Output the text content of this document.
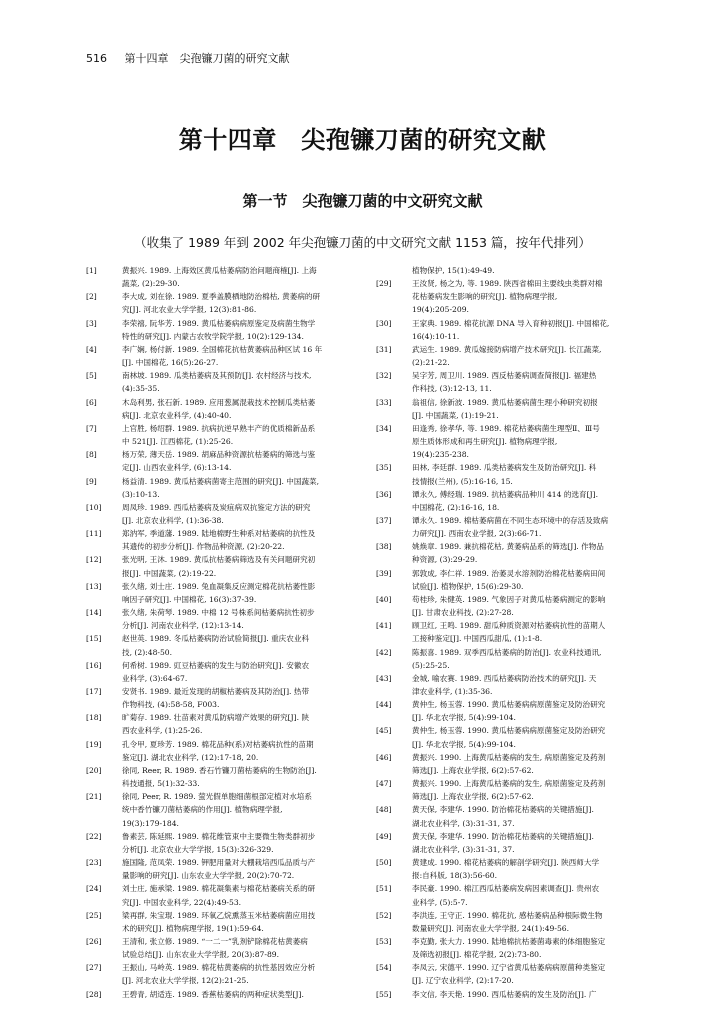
516 第十四章　尖孢镰刀菌的研究文献
第十四章　尖孢镰刀菌的研究文献
第一节　尖孢镰刀菌的中文研究文献
（收集了 1989 年到 2002 年尖孢镰刀菌的中文研究文献 1153 篇，按年代排列）
[1]	黄振兴. 1989. 上海效区黄瓜枯萎病防治问题商榷[J]. 上海
蔬菜, (2):29-30.
[2]	李大成, 刘在徐. 1989. 夏季盖膜栖地防治棉枯, 黄萎病的研
究[J]. 河北农业大学学报, 12(3):81-86.
[3]	李荣禧, 阮华芳. 1989. 黄瓜枯萎病病原鉴定及病菌生物学
特性的研究[J]. 内蒙古农牧学院学报, 10(2):129-134.
[4]	李广娴, 杨付新. 1989. 全国棉花抗枯黄萎病品种区试 16 年
[J]. 中国棉花, 16(5):26-27.
[5]	南林坡. 1989. 瓜类枯萎病及其预防[J]. 农村经济与技术,
(4):35-35.
[6]	木岛利男, 张石新. 1989. 应用葱属混栽技术控制瓜类枯萎
病[J]. 北京农业科学, (4):40-40.
[7]	上官胜, 杨绍群. 1989. 抗病抗逆早熟丰产的优质棉新品系
中 521[J]. 江西棉花, (1):25-26.
[8]	杨万荣, 薄天岳. 1989. 胡麻品种资源抗枯萎病的筛选与鉴
定[J]. 山西农业科学, (6):13-14.
[9]	杨益清. 1989. 黄瓜枯萎病菌寄主范围的研究[J]. 中国蔬菜,
(3):10-13.
[10]	周凤珍. 1989. 西瓜枯萎病及炭疽病双抗鉴定方法的研究
[J]. 北京农业科学, (1):36-38.
[11]	郑汭军, 季道藩. 1989. 陆地棉野生种系对枯萎病的抗性及
其遗传的初步分析[J]. 作物品种资源, (2):20-22.
[12]	张光明, 王沐. 1989. 黄瓜抗枯萎病筛选及有关问题研究初
报[J]. 中国蔬菜, (2):19-22.
[13]	张久绪, 刘士庄. 1989. 兔血凝集反应测定棉花抗枯萎性影
响因子研究[J]. 中国棉花, 16(3):37-39.
[14]	张久绪, 朱荷琴. 1989. 中棉 12 号株系间枯萎病抗性初步
分析[J]. 河南农业科学, (12):13-14.
[15]	赵世英. 1989. 冬瓜枯萎病防治试验简报[J]. 重庆农业科
技, (2):48-50.
[16]	何希树. 1989. 豇豆枯萎病的发生与防治研究[J]. 安徽农
业科学, (3):64-67.
[17]	安贤书. 1989. 最近发现的胡椒枯萎病及其防治[J]. 热带
作物科技, (4):58-58, F003.
[18]	旷菊存. 1989. 壮苗素对黄瓜防病增产效果的研究[J]. 陕
西农业科学, (1):25-26.
[19]	孔令甲, 夏珍芳. 1989. 棉花品种(系)对枯萎病抗性的苗期
鉴定[J]. 湖北农业科学, (12):17-18, 20.
[20]	徐同, Reer, R. 1989. 香石竹镰刀菌枯萎病的生物防治[J].
科技通报, 5(1):32-33.
[21]	徐同, Peer, R. 1989. 萤光假单胞细菌根部定植对水培系
统中香竹镰刀菌枯萎病的作用[J]. 植物病理学报,
19(3):179-184.
[22]	鲁素芸, 陈延熙. 1989. 棉花维管束中主要微生物类群初步
分析[J]. 北京农业大学学报, 15(3):326-329.
[23]	施国隆, 范凤荣. 1989. 钾肥用量对大棚栽培西瓜品质与产
量影响的研究[J]. 山东农业大学学报, 20(2):70-72.
[24]	刘士庄, 施承梁. 1989. 棉花凝集素与棉花枯萎病关系的研
究[J]. 中国农业科学, 22(4):49-53.
[25]	梁再群, 朱宝琨. 1989. 环氧乙烷熏蒸玉米枯萎病菌应用技
术的研究[J]. 植物病理学报, 19(1):59-64.
[26]	王清和, 张立修. 1989. “一二一”乳剂铲除棉花枯黄萎病
试验总结[J]. 山东农业大学学报, 20(3):87-89.
[27]	王振山, 马岭英. 1989. 棉花枯黄萎病的抗性基因效应分析
[J]. 河北农业大学学报, 12(2):21-25.
[28]	王碧青, 胡适连. 1989. 香蕉枯萎病的两种症状类型[J].
植物保护, 15(1):49-49.
[29]	王汝贤, 杨之为, 等. 1989. 陕西省棉田主要线虫类群对棉
花枯萎病发生影响的研究[J]. 植物病理学报,
19(4):205-209.
[30]	王家典. 1989. 棉花抗源 DNA 导入育种初报[J]. 中国棉花,
16(4):10-11.
[31]	武运生. 1989. 黄瓜嫁接防病增产技术研究[J]. 长江蔬菜,
(2):21-22.
[32]	吴字芳, 周卫川. 1989. 西反枯萎病调查简报[J]. 福建热
作科技, (3):12-13, 11.
[33]	翁祖信, 徐新波. 1989. 黄瓜枯萎病菌生理小种研究初报
[J]. 中国蔬菜, (1):19-21.
[34]	田逢秀, 徐孝华, 等. 1989. 棉花枯萎病菌生理型Ⅱ、Ⅲ号
原生质体形成和再生研究[J]. 植物病理学报,
19(4):235-238.
[35]	田林, 李廷群. 1989. 瓜类枯萎病发生及防治研究[J]. 科
技情报(兰州), (5):16-16, 15.
[36]	谭永久, 傅经瑞. 1989. 抗枯萎病品种川 414 的选育[J].
中国棉花, (2):16-16, 18.
[37]	谭永久. 1989. 棉枯萎病菌在不同生态环境中的存活及致病
力研究[J]. 西南农业学报, 2(3):66-71.
[38]	姚焕章. 1989. 兼抗棉花枯, 黄萎病品系的筛选[J]. 作物品
种资源, (3):29-29.
[39]	郭敦成, 李仁祥. 1989. 治萎灵水溶剂防治棉花枯萎病田间
试验[J]. 植物保护, 15(6):29-30.
[40]	苟桂珍, 朱健英. 1989. 气象因子对黄瓜枯萎病测定的影响
[J]. 甘肃农业科技, (2):27-28.
[41]	顾卫红, 王鸣. 1989. 甜瓜种质资源对枯萎病抗性的苗期人
工接种鉴定[J]. 中国西瓜甜瓜, (1):1-8.
[42]	陈振喜. 1989. 双季西瓜枯萎病的防治[J]. 农业科技通讯,
(5):25-25.
[43]	金城, 喻农赛. 1989. 西瓜枯萎病防治技术的研究[J]. 天
津农业科学, (1):35-36.
[44]	黄仲生, 杨玉蓉. 1990. 黄瓜枯萎病病原菌鉴定及防治研究
[J]. 华北农学报, 5(4):99-104.
[45]	黄仲生, 杨玉蓉. 1990. 黄瓜枯萎病病原菌鉴定及防治研究
[J]. 华北农学报, 5(4):99-104.
[46]	黄振兴. 1990. 上海黄瓜枯萎病的发生, 病原菌鉴定及药剂
筛选[J]. 上海农业学报, 6(2):57-62.
[47]	黄振兴. 1990. 上海黄瓜枯萎病的发生, 病原菌鉴定及药剂
筛选[J]. 上海农业学报, 6(2):57-62.
[48]	黄天保, 李建华. 1990. 防治棉花枯萎病的关键措施[J].
湖北农业科学, (3):31-31, 37.
[49]	黄天保, 李建华. 1990. 防治棉花枯萎病的关键措施[J].
湖北农业科学, (3):31-31, 37.
[50]	黄建成. 1990. 棉花枯萎病的解剖学研究[J]. 陕西师大学
报:自科版, 18(3):56-60.
[51]	李民豪. 1990. 棉江西瓜枯萎病发病因素调查[J]. 贵州农
业科学, (5):5-7.
[52]	李洪连, 王守正. 1990. 棉花抗, 感枯萎病品种根际微生物
数量研究[J]. 河南农业大学学报, 24(1):49-56.
[53]	李克勤, 张大力. 1990. 陆地棉抗枯萎菌毒素的体细胞鉴定
及筛选初报[J]. 棉花学报, 2(2):73-80.
[54]	李凤云, 宋德平. 1990. 辽宁省黄瓜枯萎病病原菌种类鉴定
[J]. 辽宁农业科学, (2):17-20.
[55]	李文信, 李天艳. 1990. 西瓜枯萎病的发生及防治[J]. 广
